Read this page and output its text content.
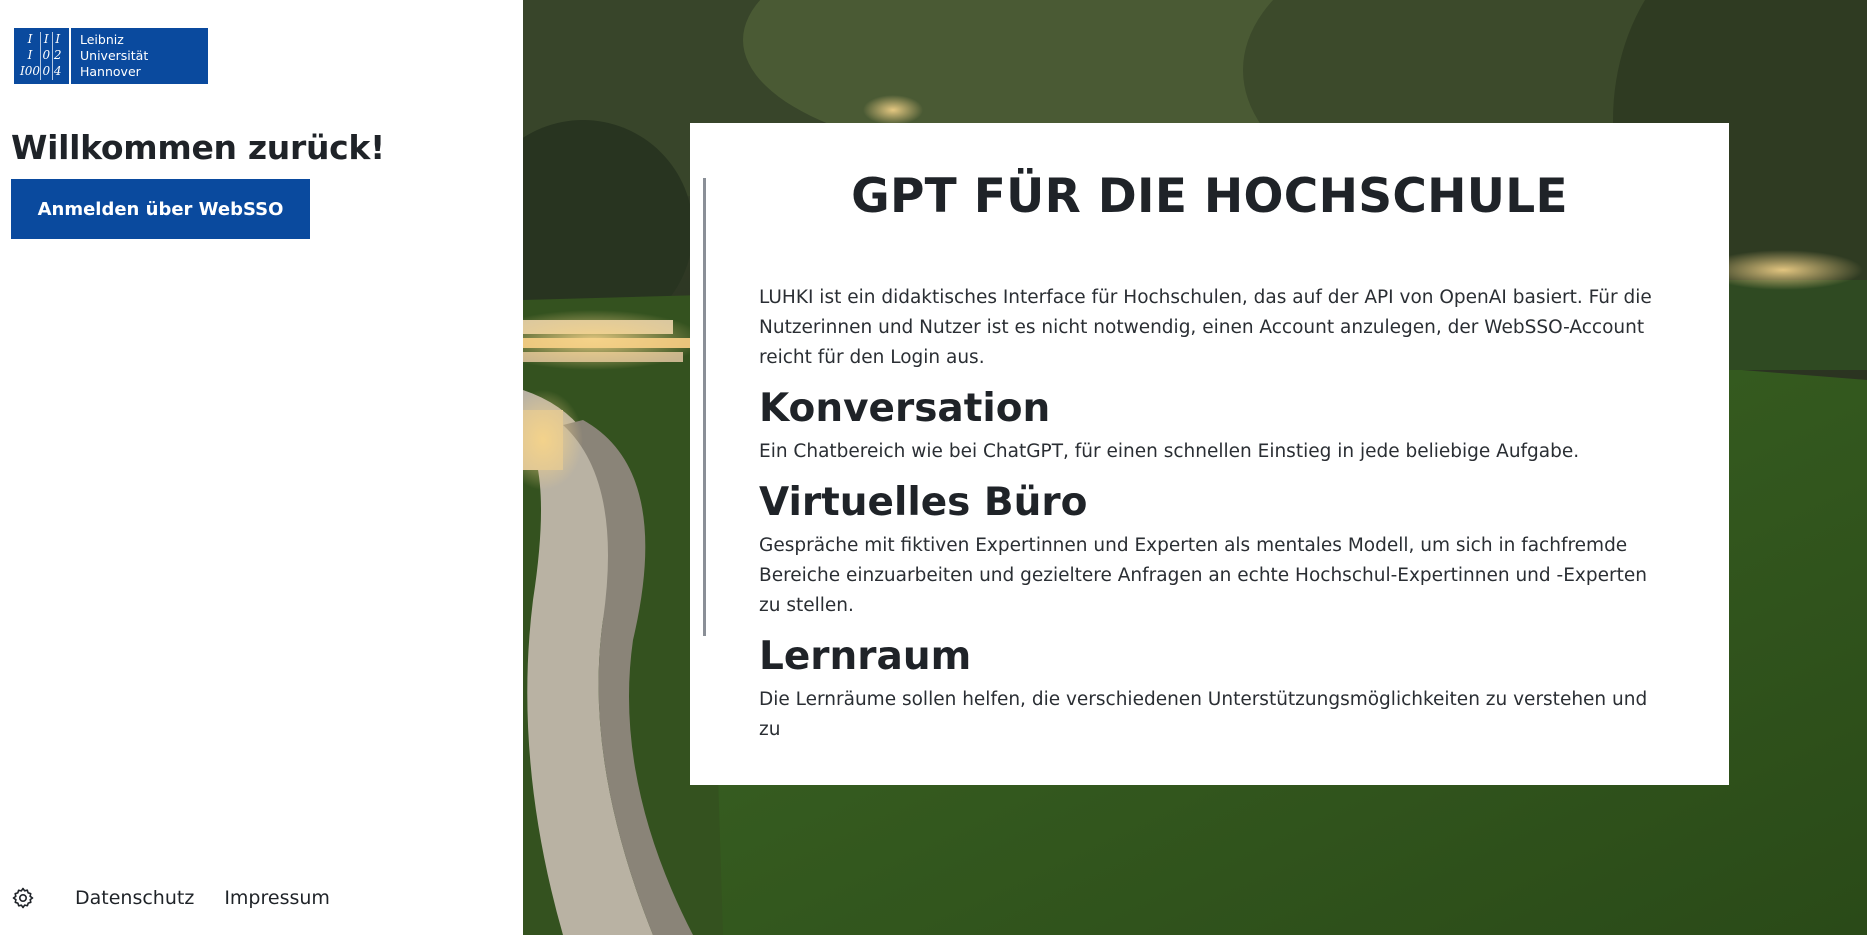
I I I
I 0 2
I00 0 4
Leibniz
Universität
Hannover
Willkommen zurück!
Anmelden über WebSSO
Datenschutz Impressum
GPT FÜR DIE HOCHSCHULE

LUHKI ist ein didaktisches Interface für Hochschulen, das auf der API von OpenAI basiert. Für die Nutzerinnen und Nutzer ist es nicht notwendig, einen Account anzulegen, der WebSSO-Account reicht für den Login aus.

Konversation

Ein Chatbereich wie bei ChatGPT, für einen schnellen Einstieg in jede beliebige Aufgabe.

Virtuelles Büro

Gespräche mit fiktiven Expertinnen und Experten als mentales Modell, um sich in fachfremde Bereiche einzuarbeiten und gezieltere Anfragen an echte Hochschul-Expertinnen und -Experten zu stellen.

Lernraum

Die Lernräume sollen helfen, die verschiedenen Unterstützungsmöglichkeiten zu verstehen und zu
